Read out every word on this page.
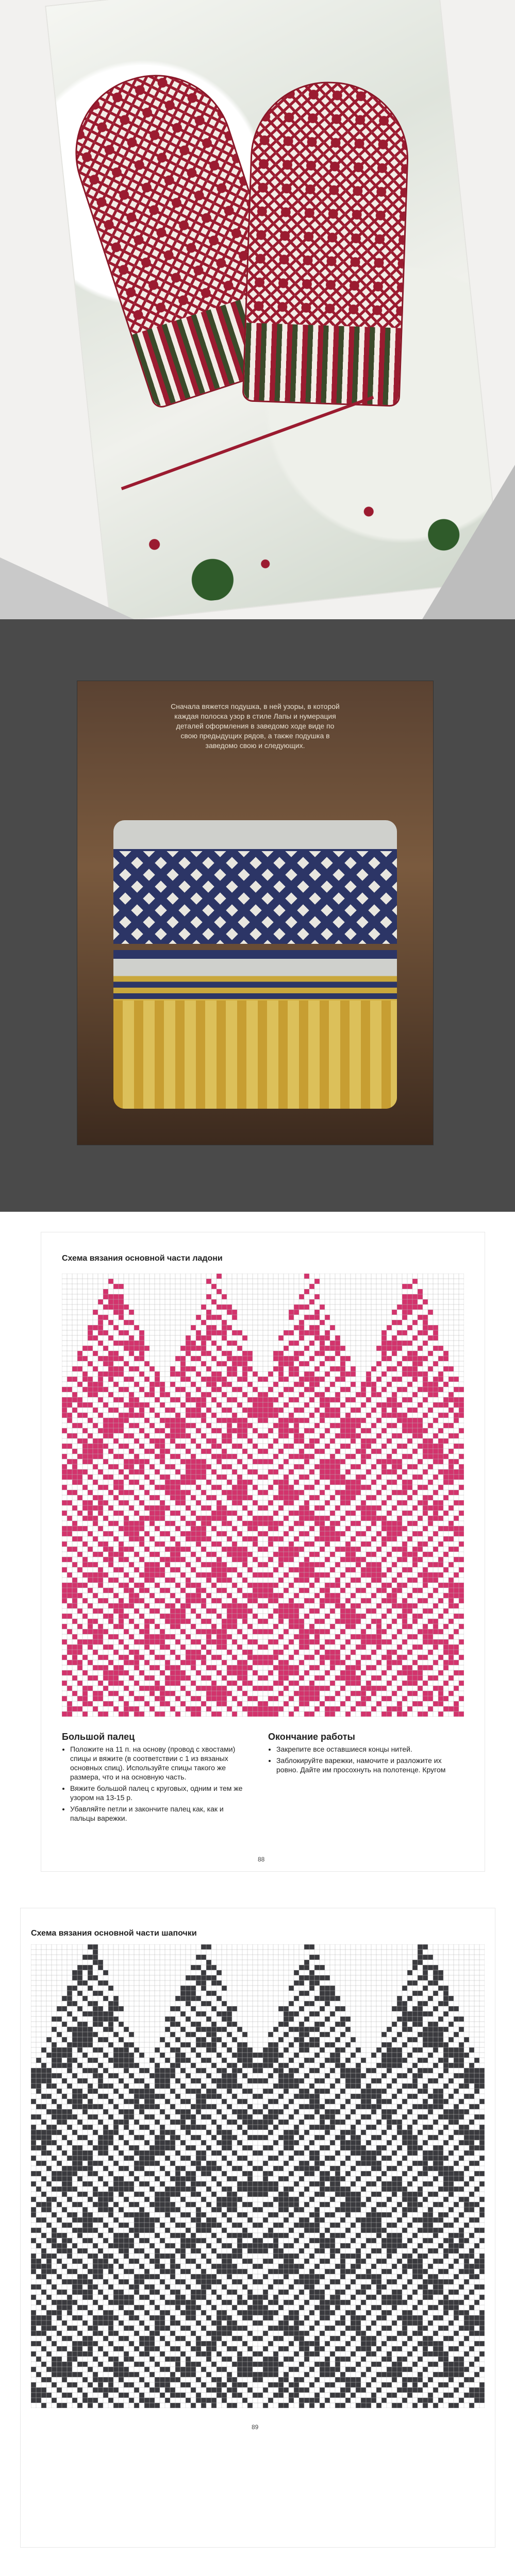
Сначала вяжется подушка, в ней узоры, в которой каждая полоска узор в стиле Лапы и нумерация деталей оформления в заведомо ходе виде по свою предыдущих рядов, а также подушка в заведомо свою и следующих.

Схема вязания основной части ладони
Большой палец
• Положите на 11 п. на основу (провод с хвостами) спицы и вяжите (в соответствии с 1 из вязаных основных спиц). Используйте спицы такого же размера, что и на основную часть.
• Вяжите большой палец с круговых, одним и тем же узором на 13-15 р.
• Убавляйте петли и закончите палец как, как и пальцы варежки.
Окончание работы
• Закрепите все оставшиеся концы нитей.
• Заблокируйте варежки, намочите и разложите их ровно. Дайте им просохнуть на полотенце. Кругом
88
Схема вязания основной части шапочки
89
